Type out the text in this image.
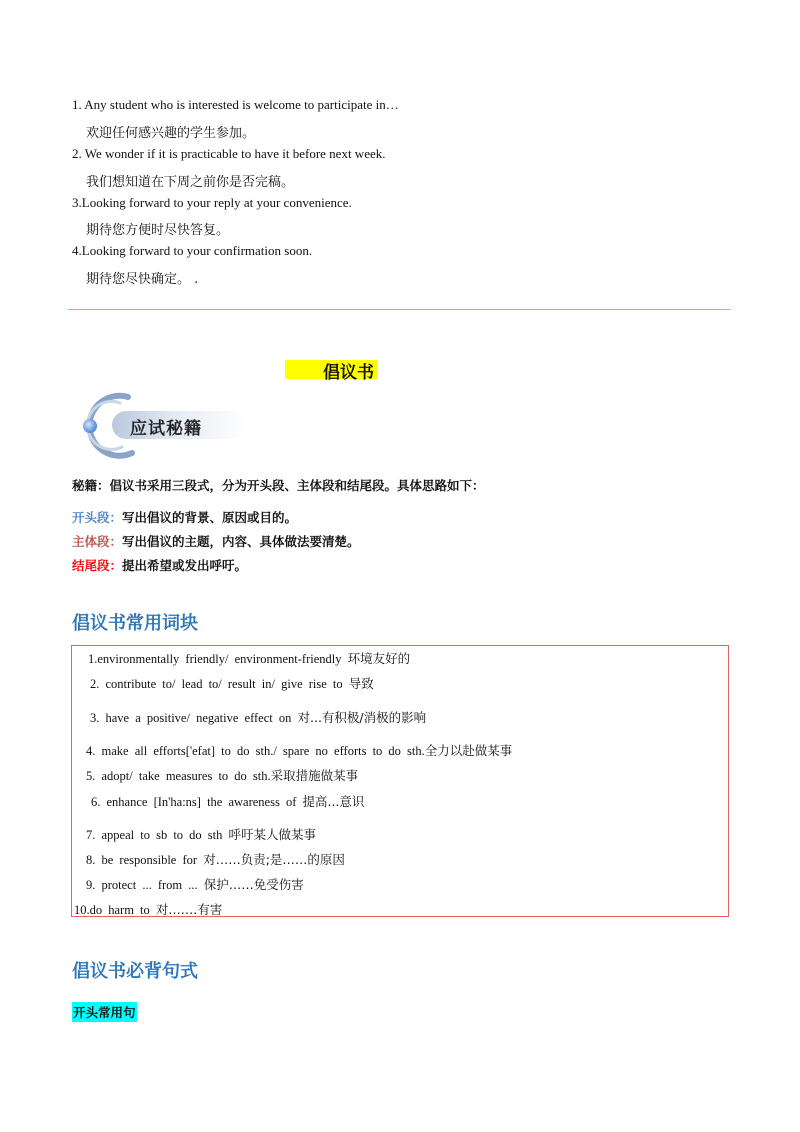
1. Any student who is interested is welcome to participate in…
欢迎任何感兴趣的学生参加。
2. We wonder if it is practicable to have it before next week.
我们想知道在下周之前你是否完稿。
3.Looking forward to your reply at your convenience.
期待您方便时尽快答复。
4.Looking forward to your confirmation soon.
期待您尽快确定。 .
倡议书
应试秘籍
秘籍：倡议书采用三段式，分为开头段、主体段和结尾段。具体思路如下：
开头段：写出倡议的背景、原因或目的。
主体段：写出倡议的主题，内容、具体做法要清楚。
结尾段：提出希望或发出呼吁。
倡议书常用词块
1.environmentally friendly/ environment-friendly 环境友好的
2. contribute to/ lead to/ result in/ give rise to 导致
3. have a positive/ negative effect on 对...有积极/消极的影响
4. make all efforts['efat] to do sth./ spare no efforts to do sth.全力以赴做某事
5. adopt/ take measures to do sth.采取措施做某事
6. enhance [In'ha:ns] the awareness of 提高...意识
7. appeal to sb to do sth 呼吁某人做某事
8. be responsible for 对……负责;是……的原因
9. protect ... from ... 保护……免受伤害
10.do harm to 对.……有害
倡议书必背句式
开头常用句
